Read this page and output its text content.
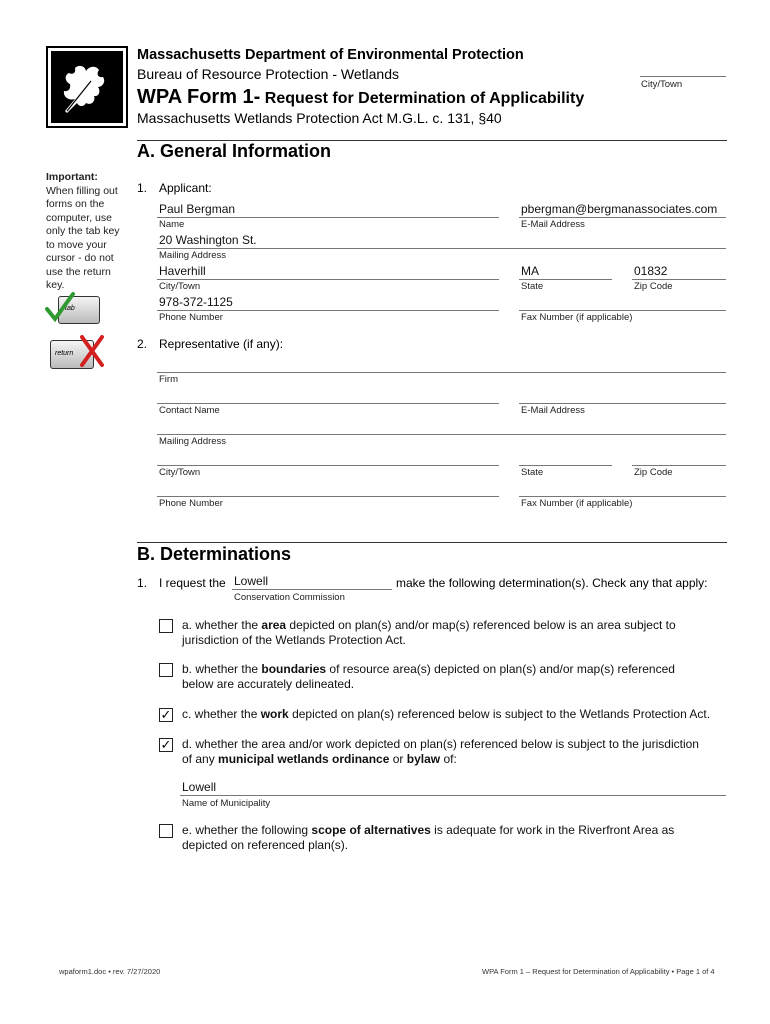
Massachusetts Department of Environmental Protection
Bureau of Resource Protection - Wetlands
City/Town
WPA Form 1- Request for Determination of Applicability
Massachusetts Wetlands Protection Act M.G.L. c. 131, §40
Important:
When filling out
forms on the
computer, use
only the tab key
to move your
cursor - do not
use the return
key.
tab
return
A. General Information
1. Applicant:
Paul Bergman
Name
pbergman@bergmanassociates.com
E-Mail Address
20 Washington St.
Mailing Address
Haverhill
City/Town
MA
State
01832
Zip Code
978-372-1125
Phone Number	Fax Number (if applicable)
2. Representative (if any):
Firm
Contact Name	E-Mail Address
Mailing Address
City/Town	State	Zip Code
Phone Number	Fax Number (if applicable)
B. Determinations
1. I request the Lowell
Conservation Commission
make the following determination(s). Check any that apply:
a. whether the area depicted on plan(s) and/or map(s) referenced below is an area subject to
jurisdiction of the Wetlands Protection Act.
b. whether the boundaries of resource area(s) depicted on plan(s) and/or map(s) referenced
below are accurately delineated.
✓ c. whether the work depicted on plan(s) referenced below is subject to the Wetlands Protection Act.
✓ d. whether the area and/or work depicted on plan(s) referenced below is subject to the jurisdiction
of any municipal wetlands ordinance or bylaw of:
Lowell
Name of Municipality
e. whether the following scope of alternatives is adequate for work in the Riverfront Area as
depicted on referenced plan(s).
wpaform1.doc • rev. 7/27/2020	WPA Form 1 – Request for Determination of Applicability • Page 1 of 4
